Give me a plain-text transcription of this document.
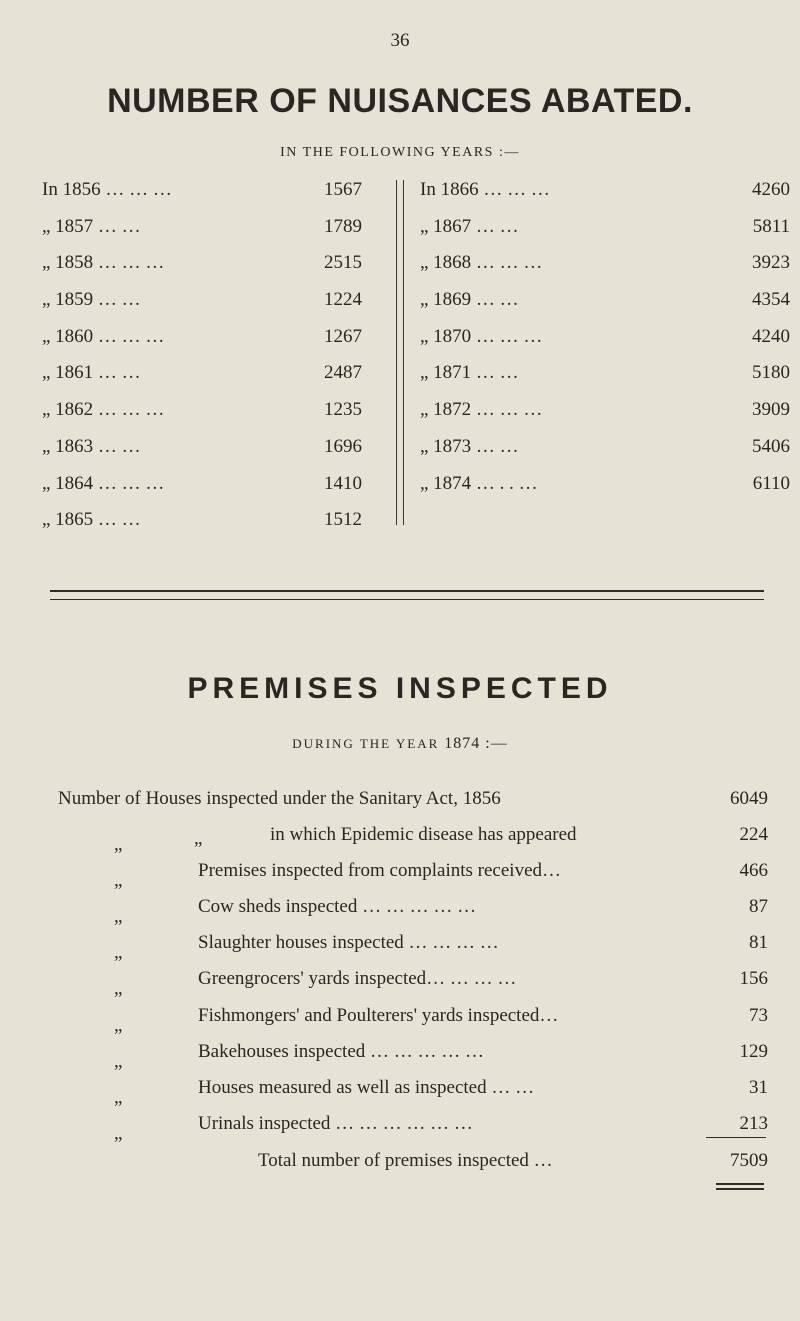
36
NUMBER OF NUISANCES ABATED.
IN THE FOLLOWING YEARS :—
In 1856 … … …	1567
„ 1857 … …	1789
„ 1858 … … …	2515
„ 1859 … …	1224
„ 1860 … … …	1267
„ 1861 … …	2487
„ 1862 … … …	1235
„ 1863 … …	1696
„ 1864 … … …	1410
„ 1865 … …	1512
In 1866 … … …	4260
„ 1867 … …	5811
„ 1868 … … …	3923
„ 1869 … …	4354
„ 1870 … … …	4240
„ 1871 … …	5180
„ 1872 … … …	3909
„ 1873 … …	5406
„ 1874 … . . …	6110
PREMISES INSPECTED
DURING THE YEAR 1874 :—
Number of Houses inspected under the Sanitary Act, 1856	6049
„	„	in which Epidemic disease has appeared	224
„	Premises inspected from complaints received…	466
„	Cow sheds inspected … … … … …	87
„	Slaughter houses inspected … … … …	81
„	Greengrocers' yards inspected… … … …	156
„	Fishmongers' and Poulterers' yards inspected…	73
„	Bakehouses inspected … … … … …	129
„	Houses measured as well as inspected … …	31
„	Urinals inspected … … … … … …	213
Total number of premises inspected …	7509
